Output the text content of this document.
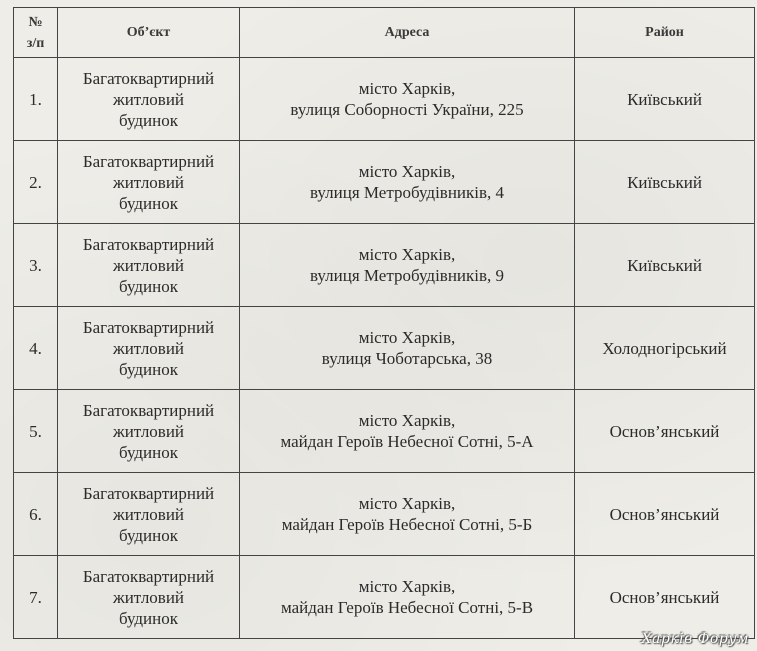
№
з/п	Об’єкт	Адреса	Район
1.	Багатоквартирний
житловий
будинок	місто Харків,
вулиця Соборності України, 225	Київський
2.	Багатоквартирний
житловий
будинок	місто Харків,
вулиця Метробудівників, 4	Київський
3.	Багатоквартирний
житловий
будинок	місто Харків,
вулиця Метробудівників, 9	Київський
4.	Багатоквартирний
житловий
будинок	місто Харків,
вулиця Чоботарська, 38	Холодногірський
5.	Багатоквартирний
житловий
будинок	місто Харків,
майдан Героїв Небесної Сотні, 5-А	Основ’янський
6.	Багатоквартирний
житловий
будинок	місто Харків,
майдан Героїв Небесної Сотні, 5-Б	Основ’янський
7.	Багатоквартирний
житловий
будинок	місто Харків,
майдан Героїв Небесної Сотні, 5-В	Основ’янський
Харків Форум
